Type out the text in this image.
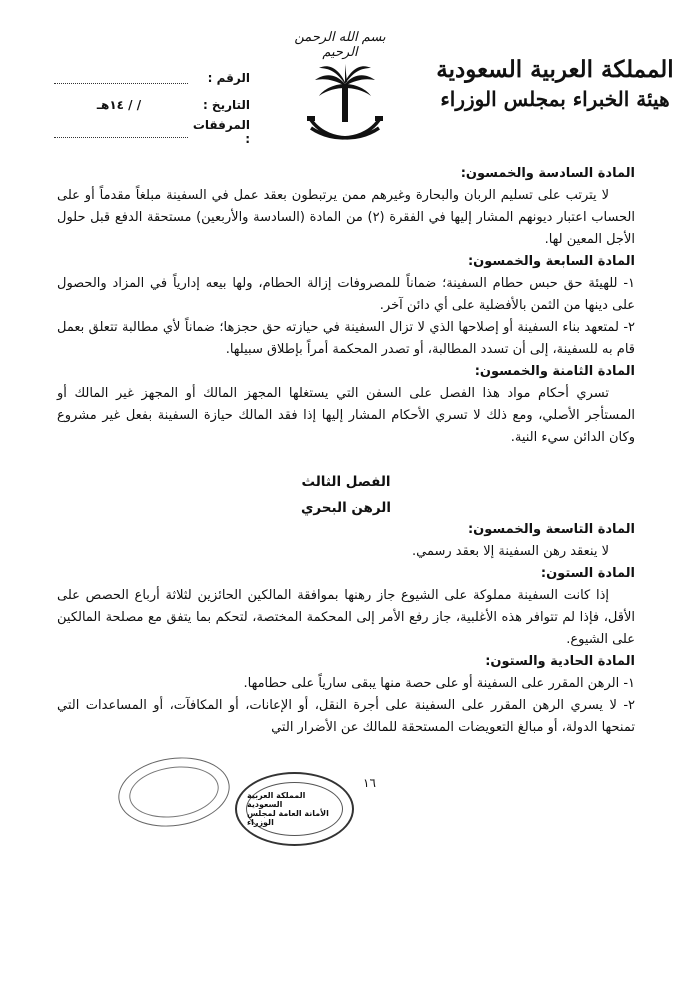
بسم الله الرحمن الرحيم
المملكة العربية السعودية
هيئة الخبراء بمجلس الوزراء
الرقم :
التاريخ :
/ / ١٤هـ
المرفقات :
المادة السادسة والخمسون:
لا يترتب على تسليم الربان والبحارة وغيرهم ممن يرتبطون بعقد عمل في السفينة مبلغاً مقدماً أو على الحساب اعتبار ديونهم المشار إليها في الفقرة (٢) من المادة (السادسة والأربعين) مستحقة الدفع قبل حلول الأجل المعين لها.
المادة السابعة والخمسون:
١- للهيئة حق حبس حطام السفينة؛ ضماناً للمصروفات إزالة الحطام، ولها بيعه إدارياً في المزاد والحصول على دينها من الثمن بالأفضلية على أي دائن آخر.
٢- لمتعهد بناء السفينة أو إصلاحها الذي لا تزال السفينة في حيازته حق حجزها؛ ضماناً لأي مطالبة تتعلق بعمل قام به للسفينة، إلى أن تسدد المطالبة، أو تصدر المحكمة أمراً بإطلاق سبيلها.
المادة الثامنة والخمسون:
تسري أحكام مواد هذا الفصل على السفن التي يستغلها المجهز المالك أو المجهز غير المالك أو المستأجر الأصلي، ومع ذلك لا تسري الأحكام المشار إليها إذا فقد المالك حيازة السفينة بفعل غير مشروع وكان الدائن سيء النية.
الفصل الثالث
الرهن البحري
المادة التاسعة والخمسون:
لا ينعقد رهن السفينة إلا بعقد رسمي.
المادة الستون:
إذا كانت السفينة مملوكة على الشيوع جاز رهنها بموافقة المالكين الحائزين لثلاثة أرباع الحصص على الأقل، فإذا لم تتوافر هذه الأغلبية، جاز رفع الأمر إلى المحكمة المختصة، لتحكم بما يتفق مع مصلحة المالكين على الشيوع.
المادة الحادية والستون:
١- الرهن المقرر على السفينة أو على حصة منها يبقى سارياً على حطامها.
٢- لا يسري الرهن المقرر على السفينة على أجرة النقل، أو الإعانات، أو المكافآت، أو المساعدات التي تمنحها الدولة، أو مبالغ التعويضات المستحقة للمالك عن الأضرار التي
المملكة العربية السعودية
الأمانة العامة لمجلس الوزراء
١٦
